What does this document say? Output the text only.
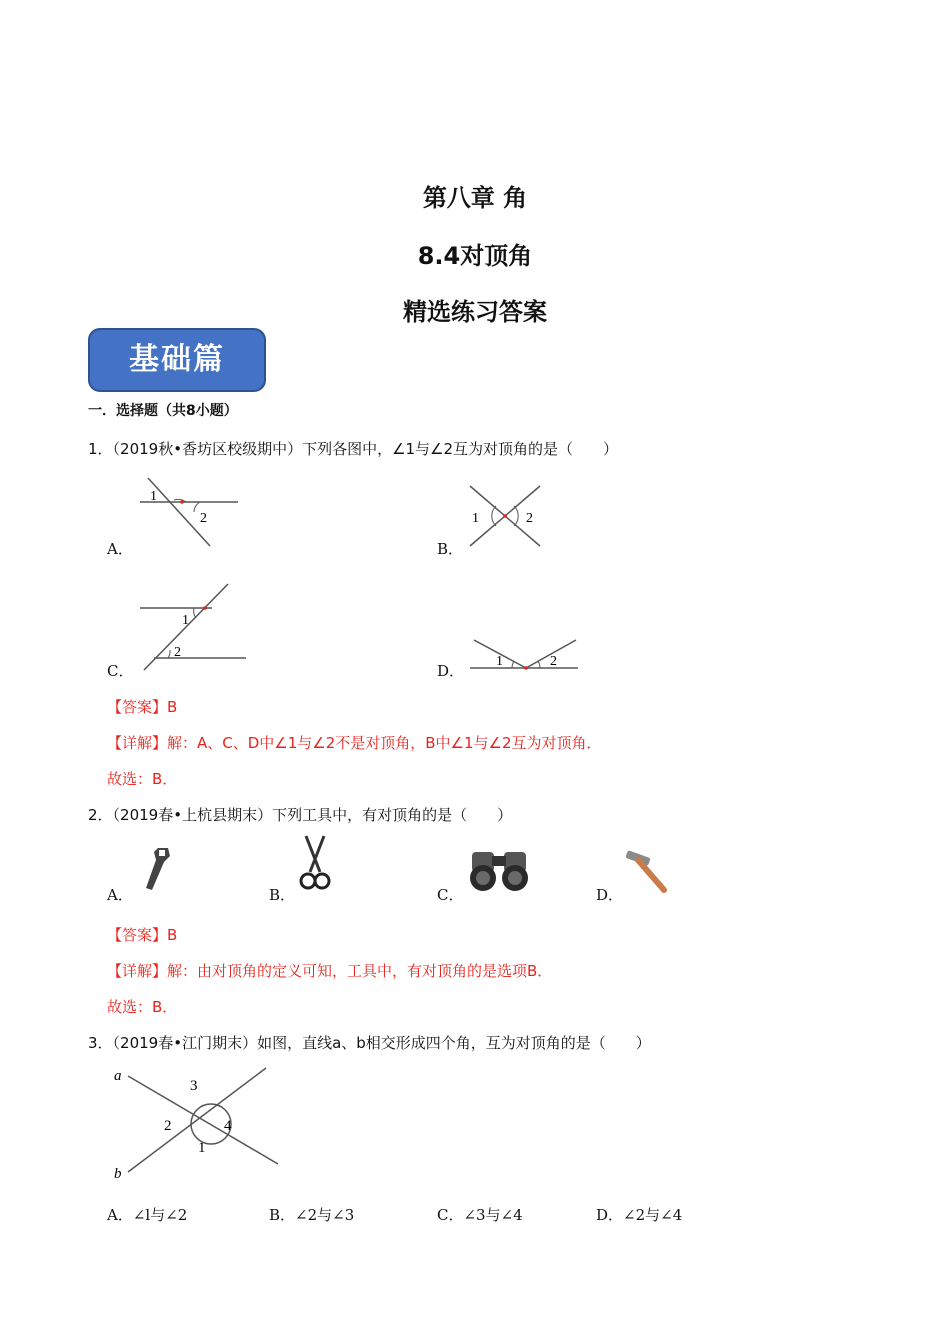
第八章 角
8.4对顶角
精选练习答案
基础篇
一．选择题（共8小题）
1．（2019秋•香坊区校级期中）下列各图中，∠1与∠2互为对顶角的是（　　）
1
2
A．
1	2
B．
1
2
C．
1	2
D．
【答案】B
【详解】解：A、C、D中∠1与∠2不是对顶角，B中∠1与∠2互为对顶角．
故选：B．
2．（2019春•上杭县期末）下列工具中，有对顶角的是（　　）
A．	B．	C．	D．
【答案】B
【详解】解：由对顶角的定义可知，工具中，有对顶角的是选项B．
故选：B．
3．（2019春•江门期末）如图，直线a、b相交形成四个角，互为对顶角的是（　　）
a
b
2
3
4
1
A．∠l与∠2	B．∠2与∠3	C．∠3与∠4	D．∠2与∠4
